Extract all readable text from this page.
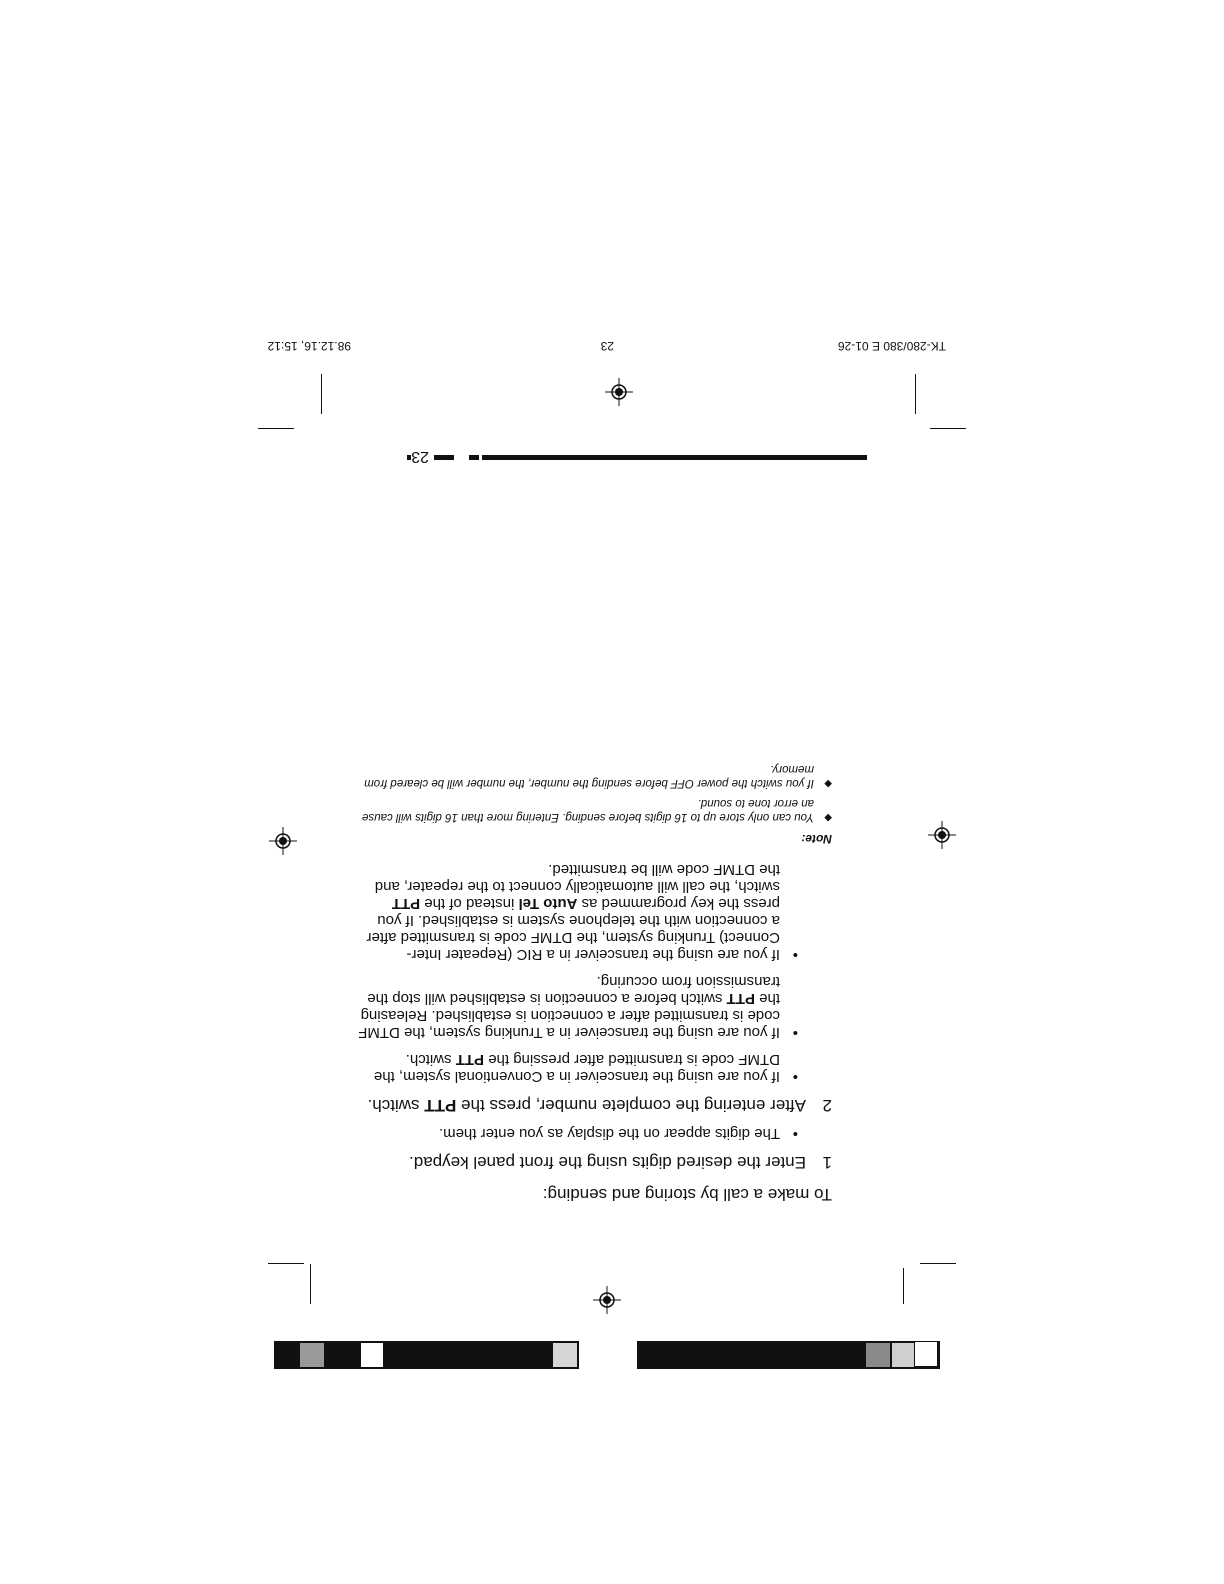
TK-280/380 E 01-26
23
98.12.16, 15:12
23

To make a call by storing and sending:

1
Enter the desired digits using the front panel keypad.
•
The digits appear on the display as you enter them.
2
After entering the complete number, press the PTT switch.
•
If you are using the transceiver in a Conventional system, the DTMF code is transmitted after pressing the PTT switch.
•
If you are using the transceiver in a Trunking system, the DTMF code is transmitted after a connection is established. Releasing the PTT switch before a connection is established will stop the transmission from occuring.
•
If you are using the transceiver in a RIC (Repeater Inter-Connect) Trunking system, the DTMF code is transmitted after a connection with the telephone system is established. If you press the key programmed as Auto Tel instead of the PTT switch, the call will automatically connect to the repeater, and the DTMF code will be transmitted.
Note:
◆
You can only store up to 16 digits before sending. Entering more than 16 digits will cause an error tone to sound.
◆
If you switch the power OFF before sending the number, the number will be cleared from memory.
